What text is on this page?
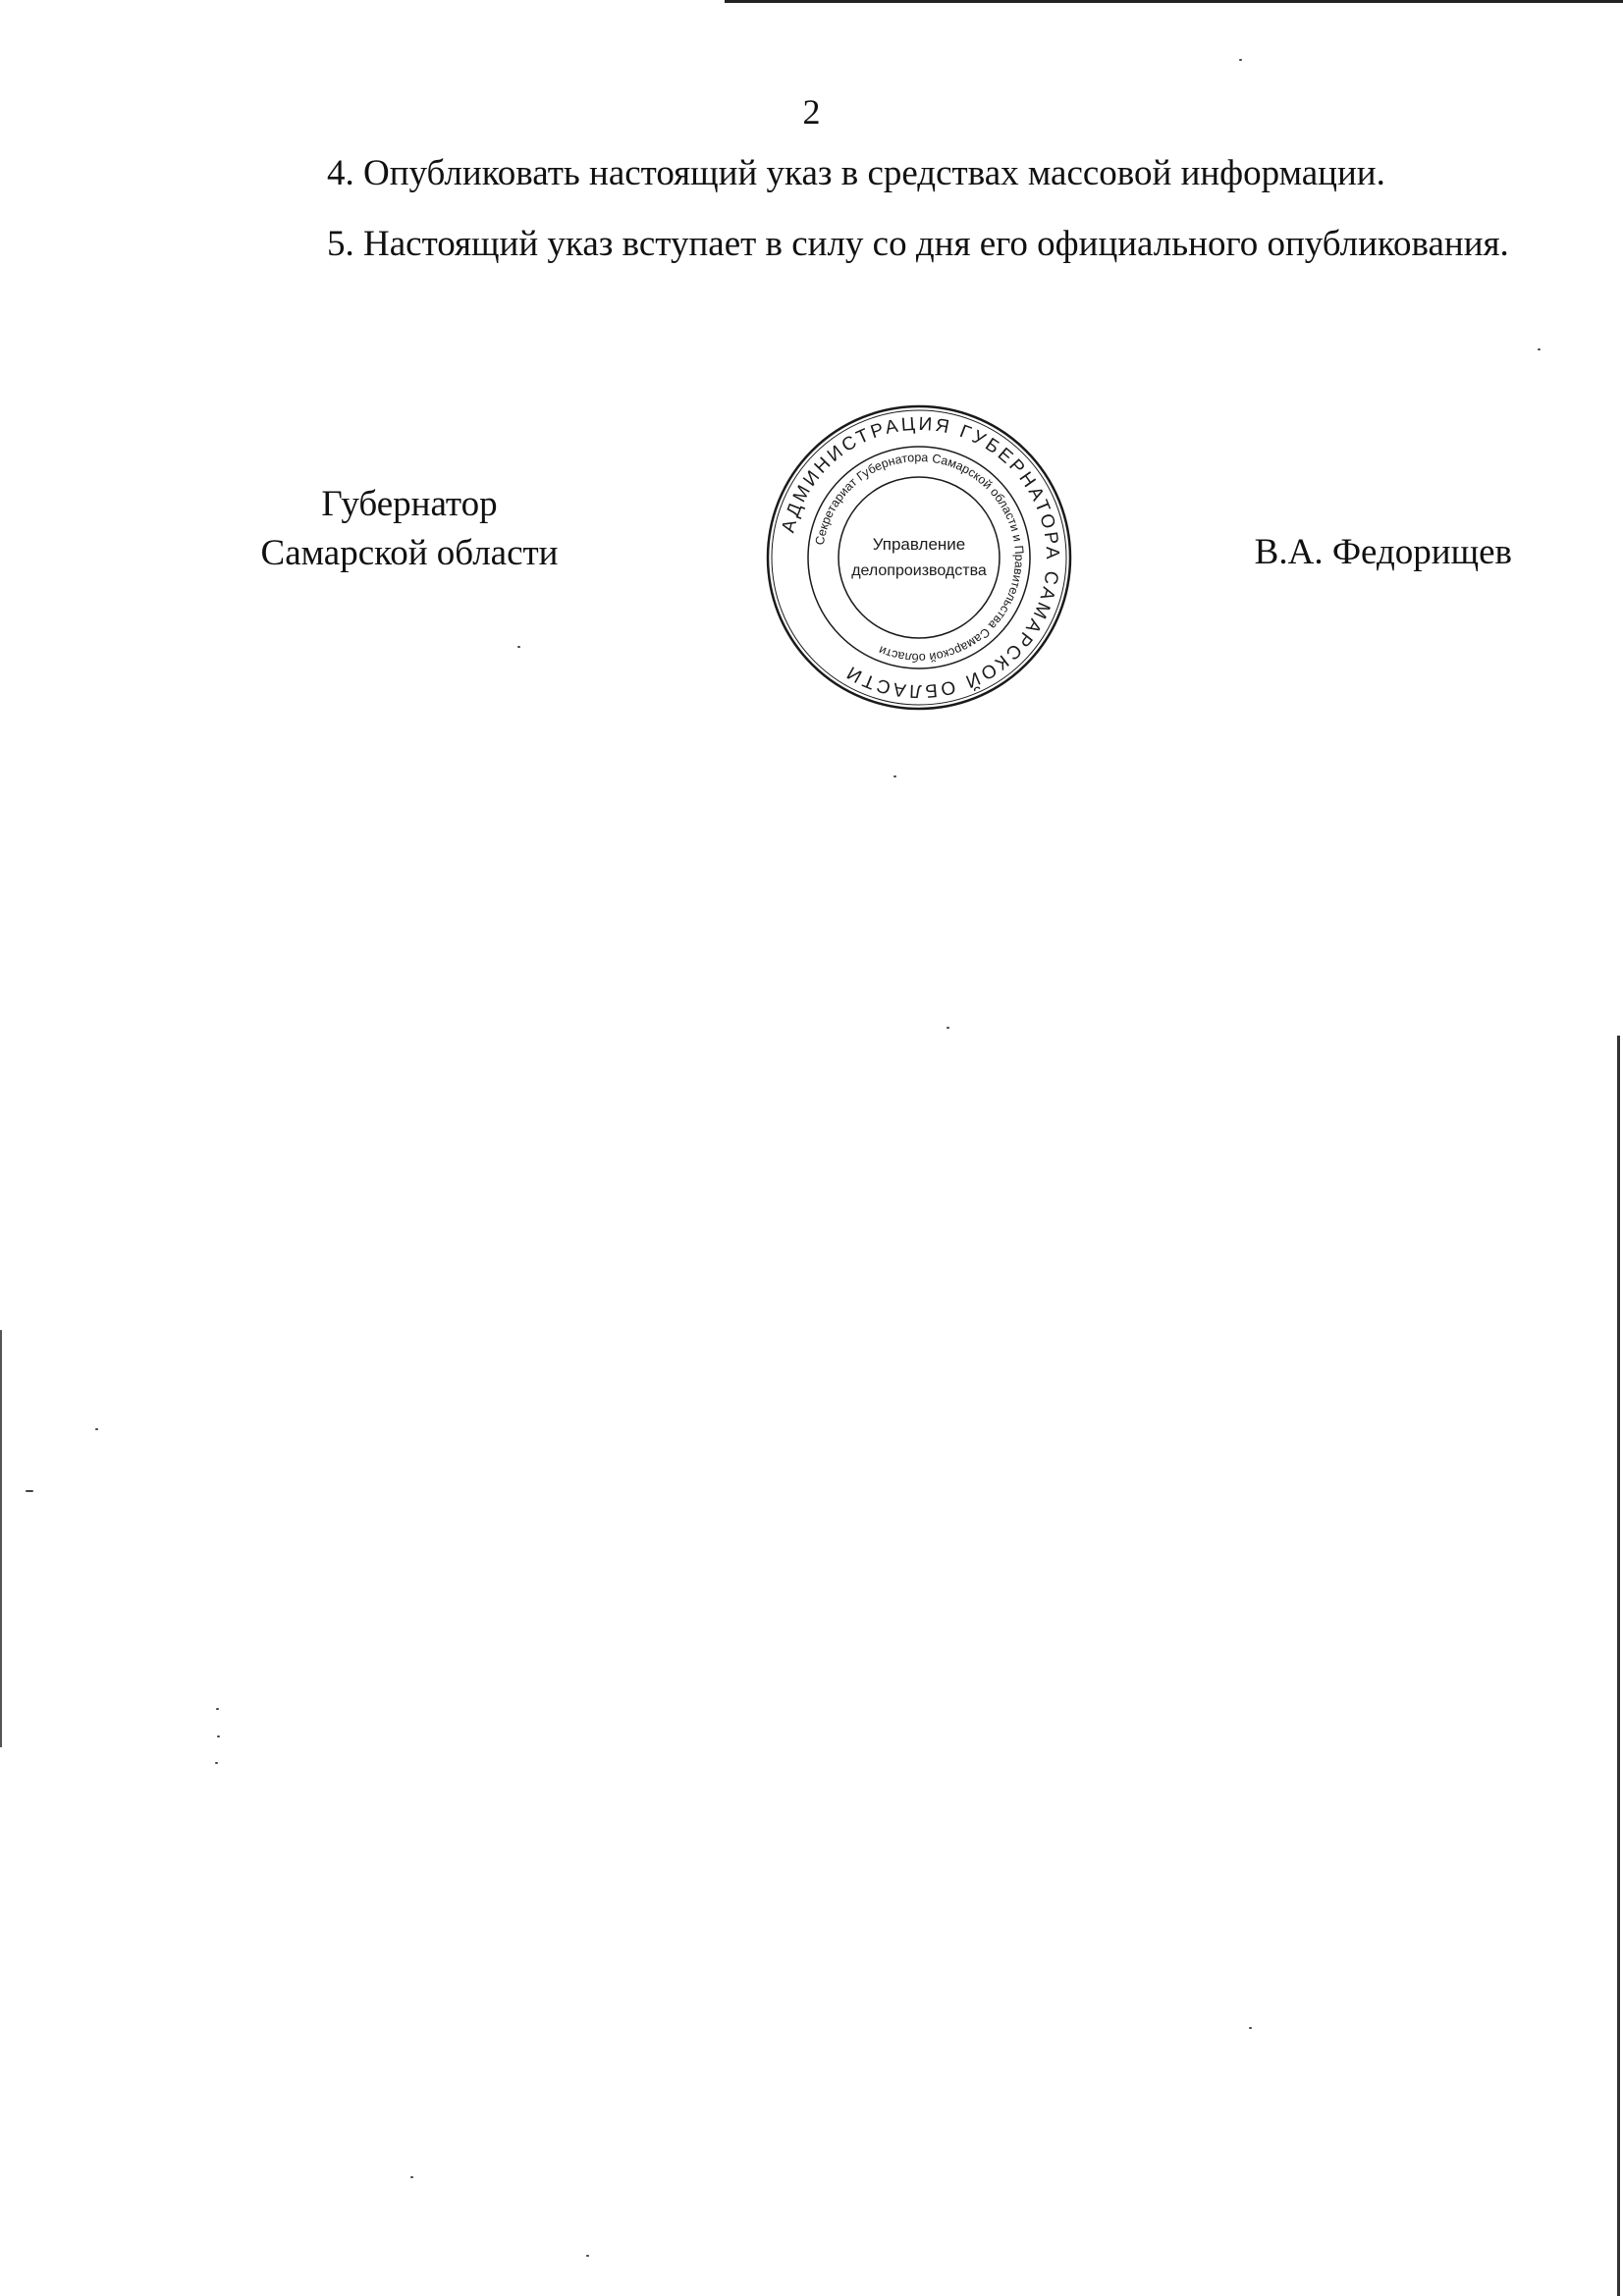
2
4. Опубликовать настоящий указ в средствах массовой информации.
5. Настоящий указ вступает в силу со дня его официального опубликования.
Губернатор
Самарской области
АДМИНИСТРАЦИЯ ГУБЕРНАТОРА САМАРСКОЙ ОБЛАСТИ
Секретариат Губернатора Самарской области и Правительства Самарской области
Управление
делопроизводства	В.А. Федорищев
